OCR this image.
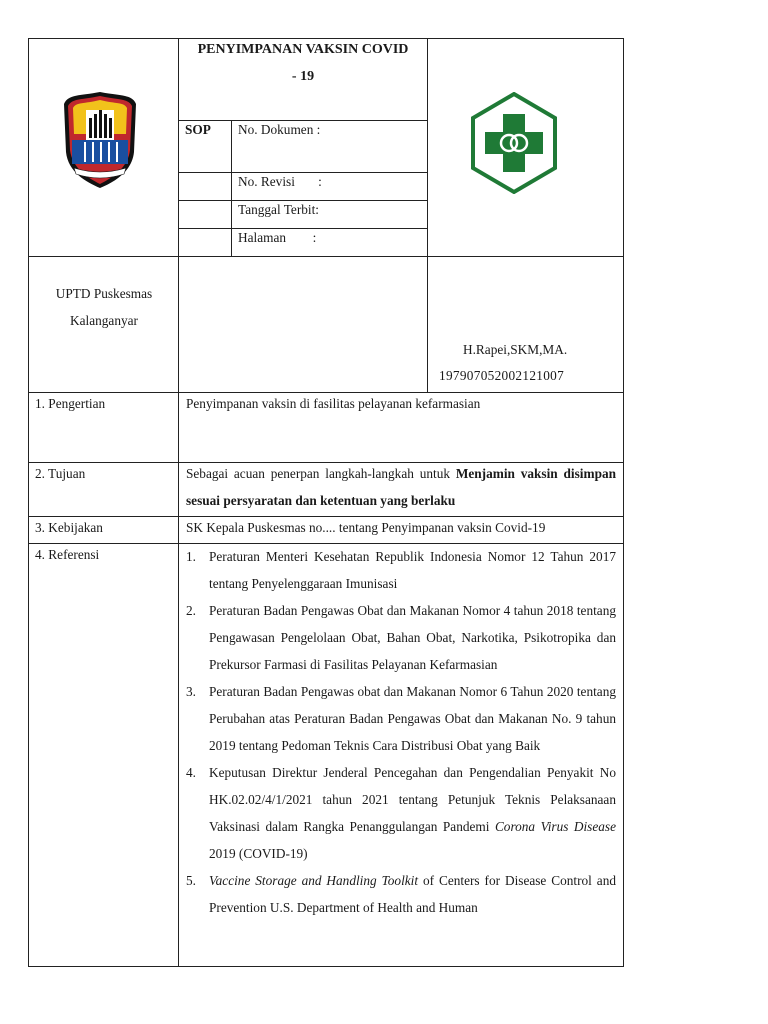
PENYIMPANAN VAKSIN COVID
- 19
SOP No. Dokumen :
No. Revisi       :
Tanggal Terbit:
Halaman        :
UPTD Puskesmas
Kalanganyar
H.Rapei,SKM,MA.
197907052002121007
1. Pengertian	Penyimpanan vaksin di fasilitas pelayanan kefarmasian
2. Tujuan	Sebagai acuan penerpan langkah-langkah untuk Menjamin vaksin disimpan sesuai persyaratan dan ketentuan yang berlaku
3. Kebijakan	SK Kepala Puskesmas no.... tentang Penyimpanan vaksin Covid-19
4. Referensi	1. Peraturan Menteri Kesehatan Republik Indonesia Nomor 12 Tahun 2017 tentang Penyelenggaraan Imunisasi
2. Peraturan Badan Pengawas Obat dan Makanan Nomor 4 tahun 2018 tentang Pengawasan Pengelolaan Obat, Bahan Obat, Narkotika, Psikotropika dan Prekursor Farmasi di Fasilitas Pelayanan Kefarmasian
3. Peraturan Badan Pengawas obat dan Makanan Nomor 6 Tahun 2020 tentang Perubahan atas Peraturan Badan Pengawas Obat dan Makanan No. 9 tahun 2019 tentang Pedoman Teknis Cara Distribusi Obat yang Baik
4. Keputusan Direktur Jenderal Pencegahan dan Pengendalian Penyakit No HK.02.02/4/1/2021 tahun 2021 tentang Petunjuk Teknis Pelaksanaan Vaksinasi dalam Rangka Penanggulangan Pandemi Corona Virus Disease 2019 (COVID-19)
5. Vaccine Storage and Handling Toolkit of Centers for Disease Control and Prevention U.S. Department of Health and Human
